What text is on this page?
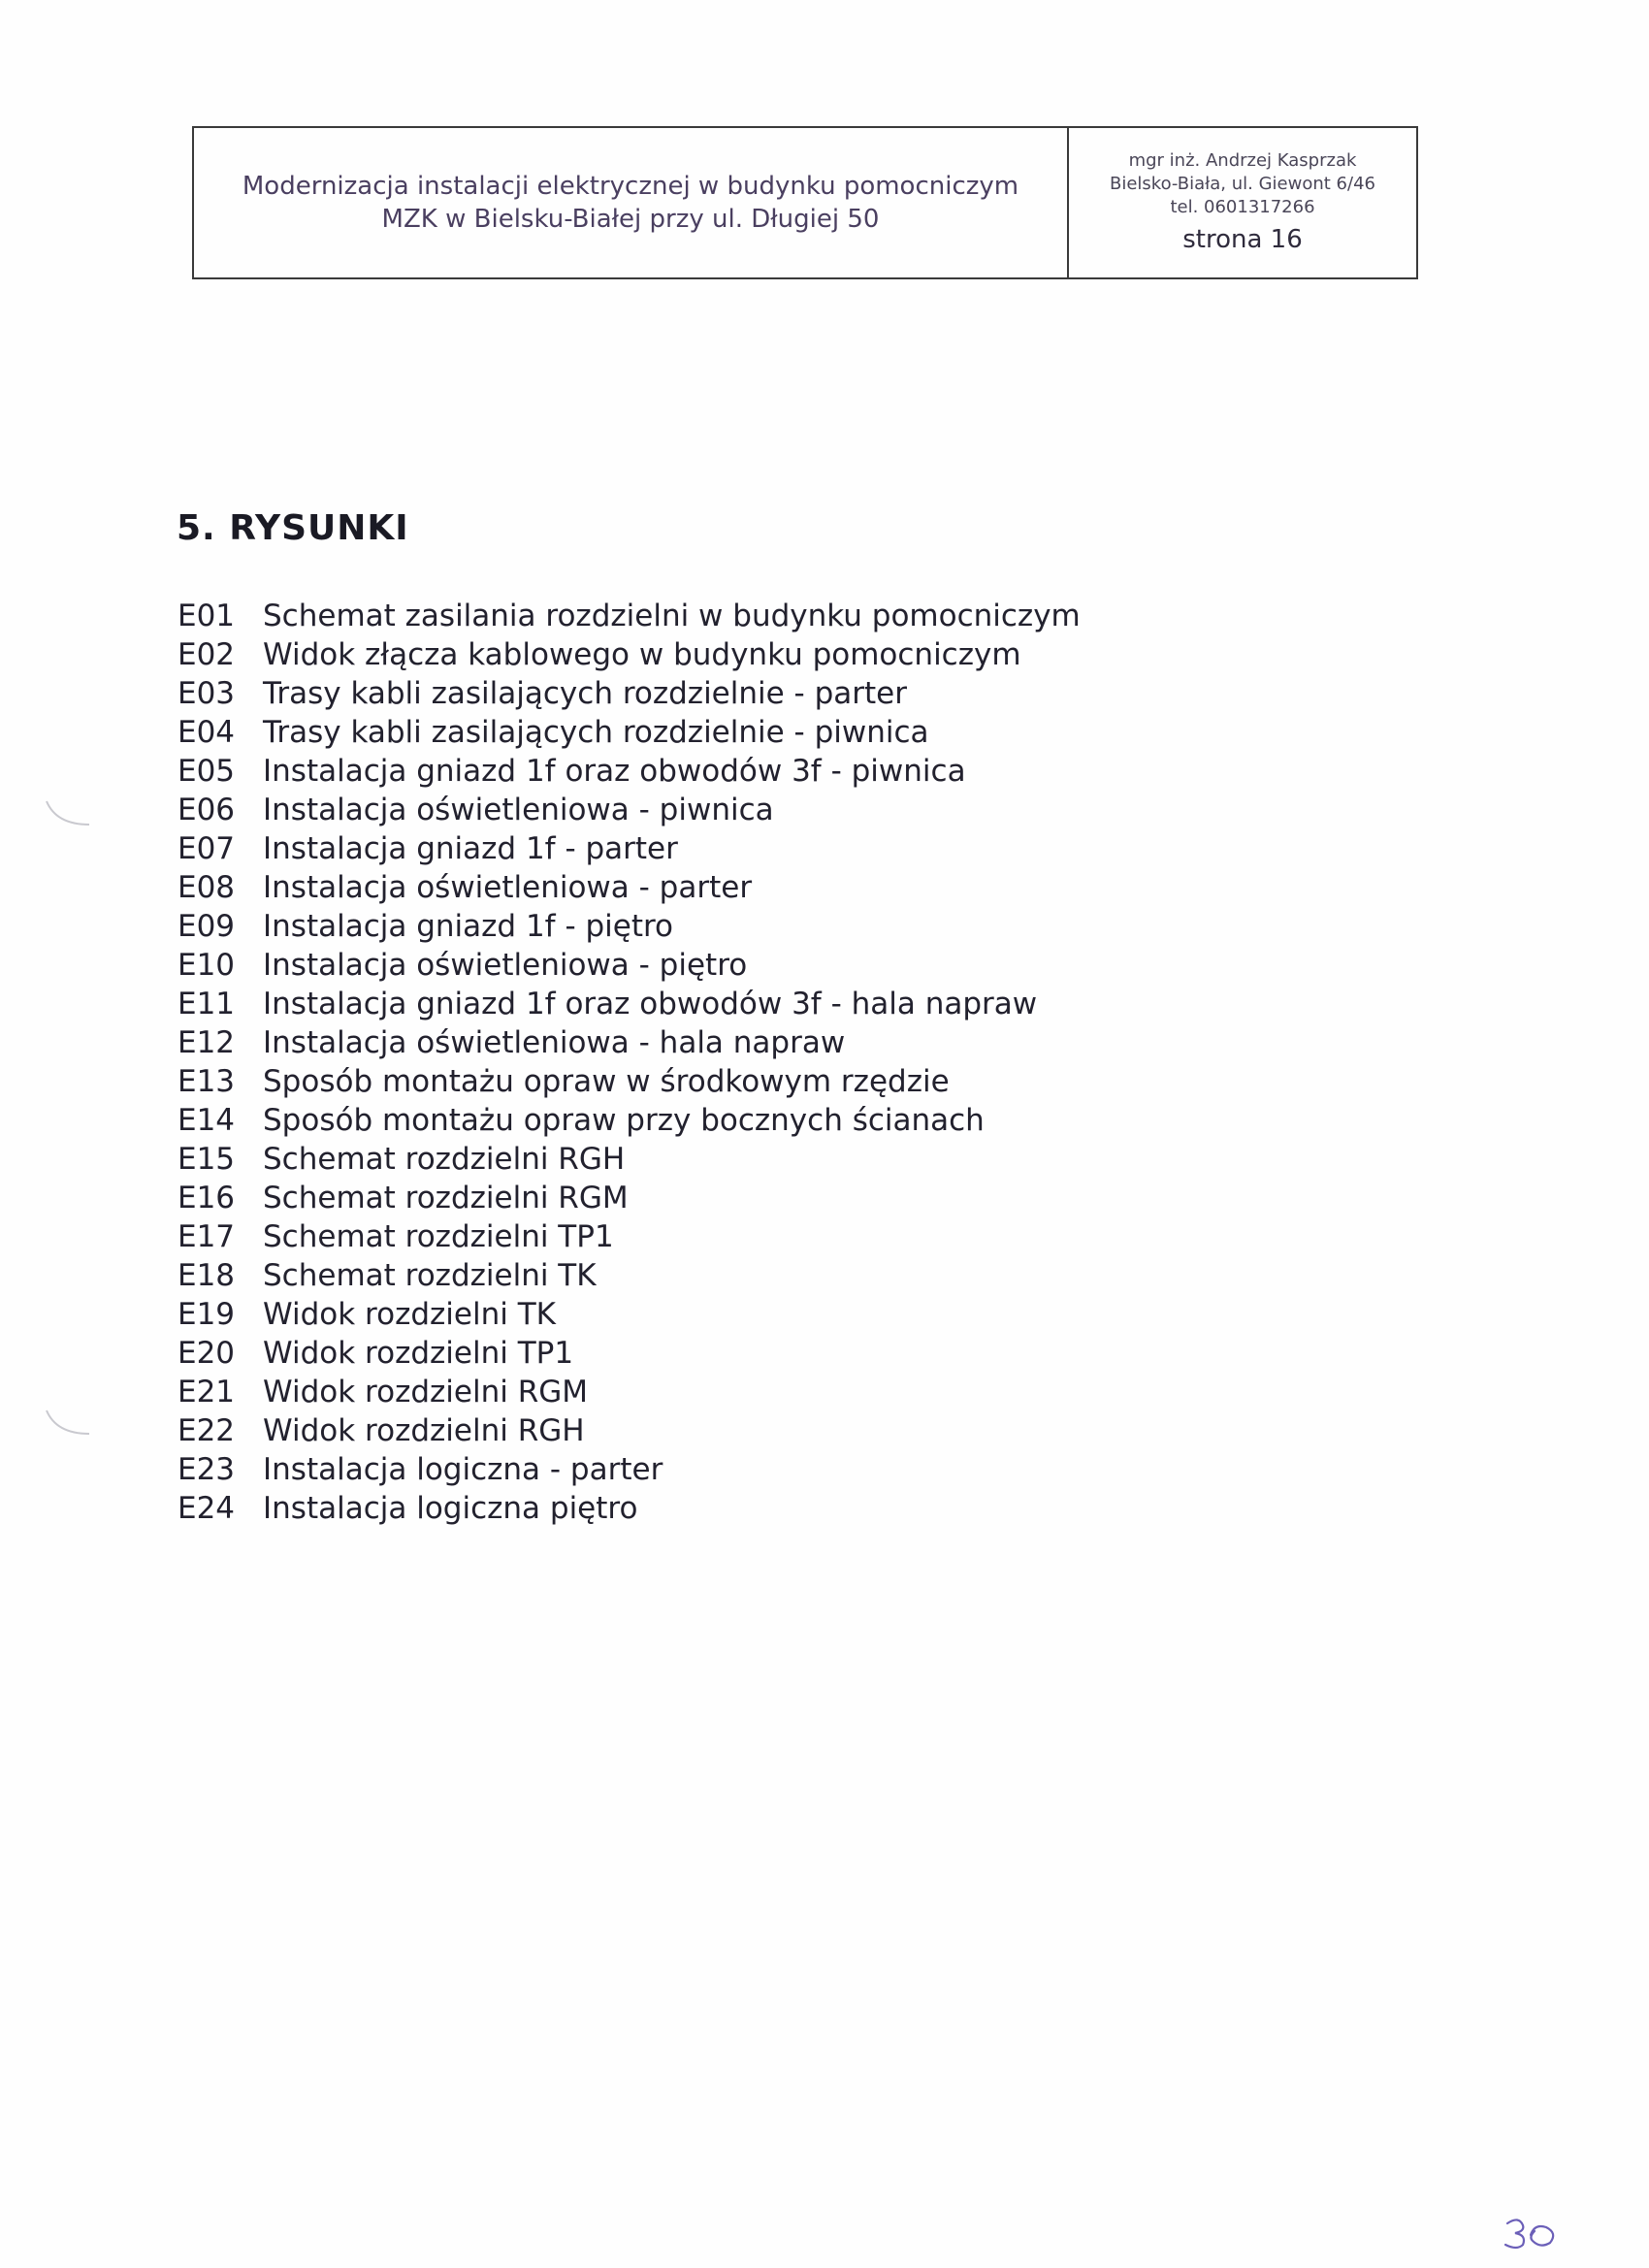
Modernizacja instalacji elektrycznej w budynku pomocniczym
MZK w Bielsku-Białej przy ul. Długiej 50
mgr inż. Andrzej Kasprzak
Bielsko-Biała, ul. Giewont 6/46
tel. 0601317266
strona 16
5. RYSUNKI
E01 Schemat zasilania rozdzielni w budynku pomocniczym
E02 Widok złącza kablowego w budynku pomocniczym
E03 Trasy kabli zasilających rozdzielnie - parter
E04 Trasy kabli zasilających rozdzielnie - piwnica
E05 Instalacja gniazd 1f oraz obwodów 3f - piwnica
E06 Instalacja oświetleniowa - piwnica
E07 Instalacja gniazd 1f - parter
E08 Instalacja oświetleniowa - parter
E09 Instalacja gniazd 1f - piętro
E10 Instalacja oświetleniowa - piętro
E11 Instalacja gniazd 1f oraz obwodów 3f - hala napraw
E12 Instalacja oświetleniowa - hala napraw
E13 Sposób montażu opraw w środkowym rzędzie
E14 Sposób montażu opraw przy bocznych ścianach
E15 Schemat rozdzielni RGH
E16 Schemat rozdzielni RGM
E17 Schemat rozdzielni TP1
E18 Schemat rozdzielni TK
E19 Widok rozdzielni TK
E20 Widok rozdzielni TP1
E21 Widok rozdzielni RGM
E22 Widok rozdzielni RGH
E23 Instalacja logiczna - parter
E24 Instalacja logiczna piętro
